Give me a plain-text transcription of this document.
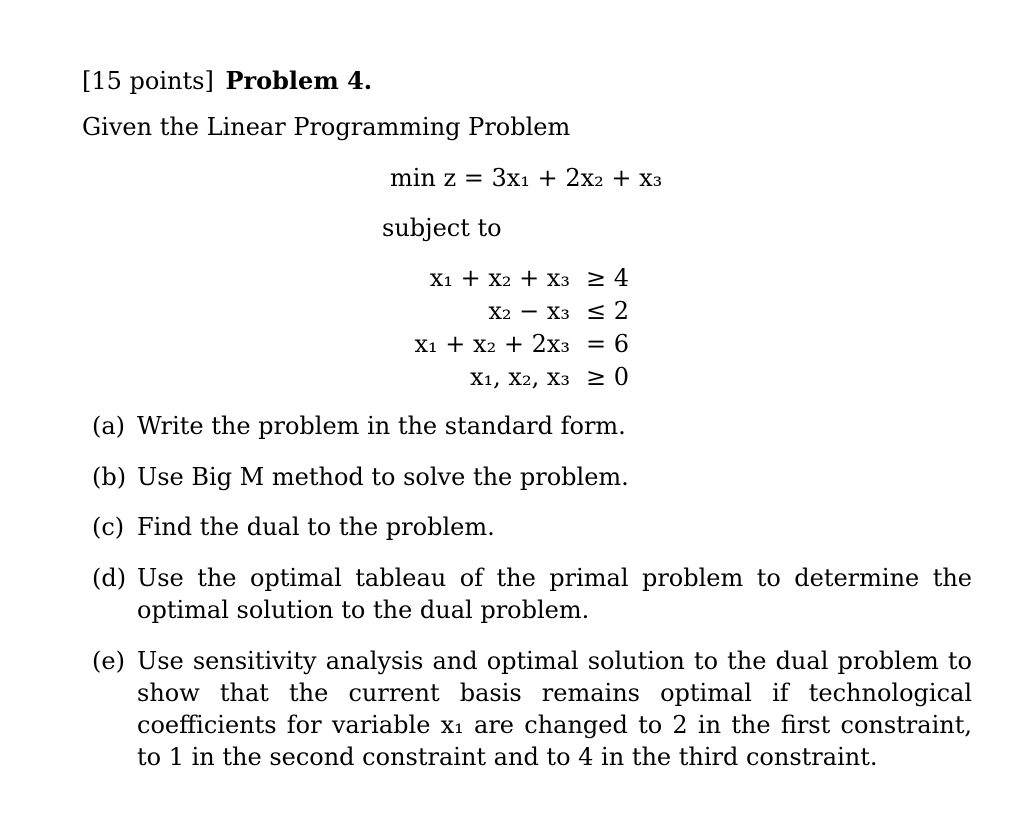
[15 points] Problem 4.
Given the Linear Programming Problem
min z = 3x₁ + 2x₂ + x₃
subject to
x₁ + x₂ + x₃	≥ 4
x₂ − x₃	≤ 2
x₁ + x₂ + 2x₃	= 6
x₁, x₂, x₃	≥ 0
(a) Write the problem in the standard form.
(b) Use Big M method to solve the problem.
(c) Find the dual to the problem.
(d) Use the optimal tableau of the primal problem to determine the optimal solution to the dual problem.
(e) Use sensitivity analysis and optimal solution to the dual problem to show that the current basis remains optimal if technological coefficients for variable x₁ are changed to 2 in the first constraint, to 1 in the second constraint and to 4 in the third constraint.
